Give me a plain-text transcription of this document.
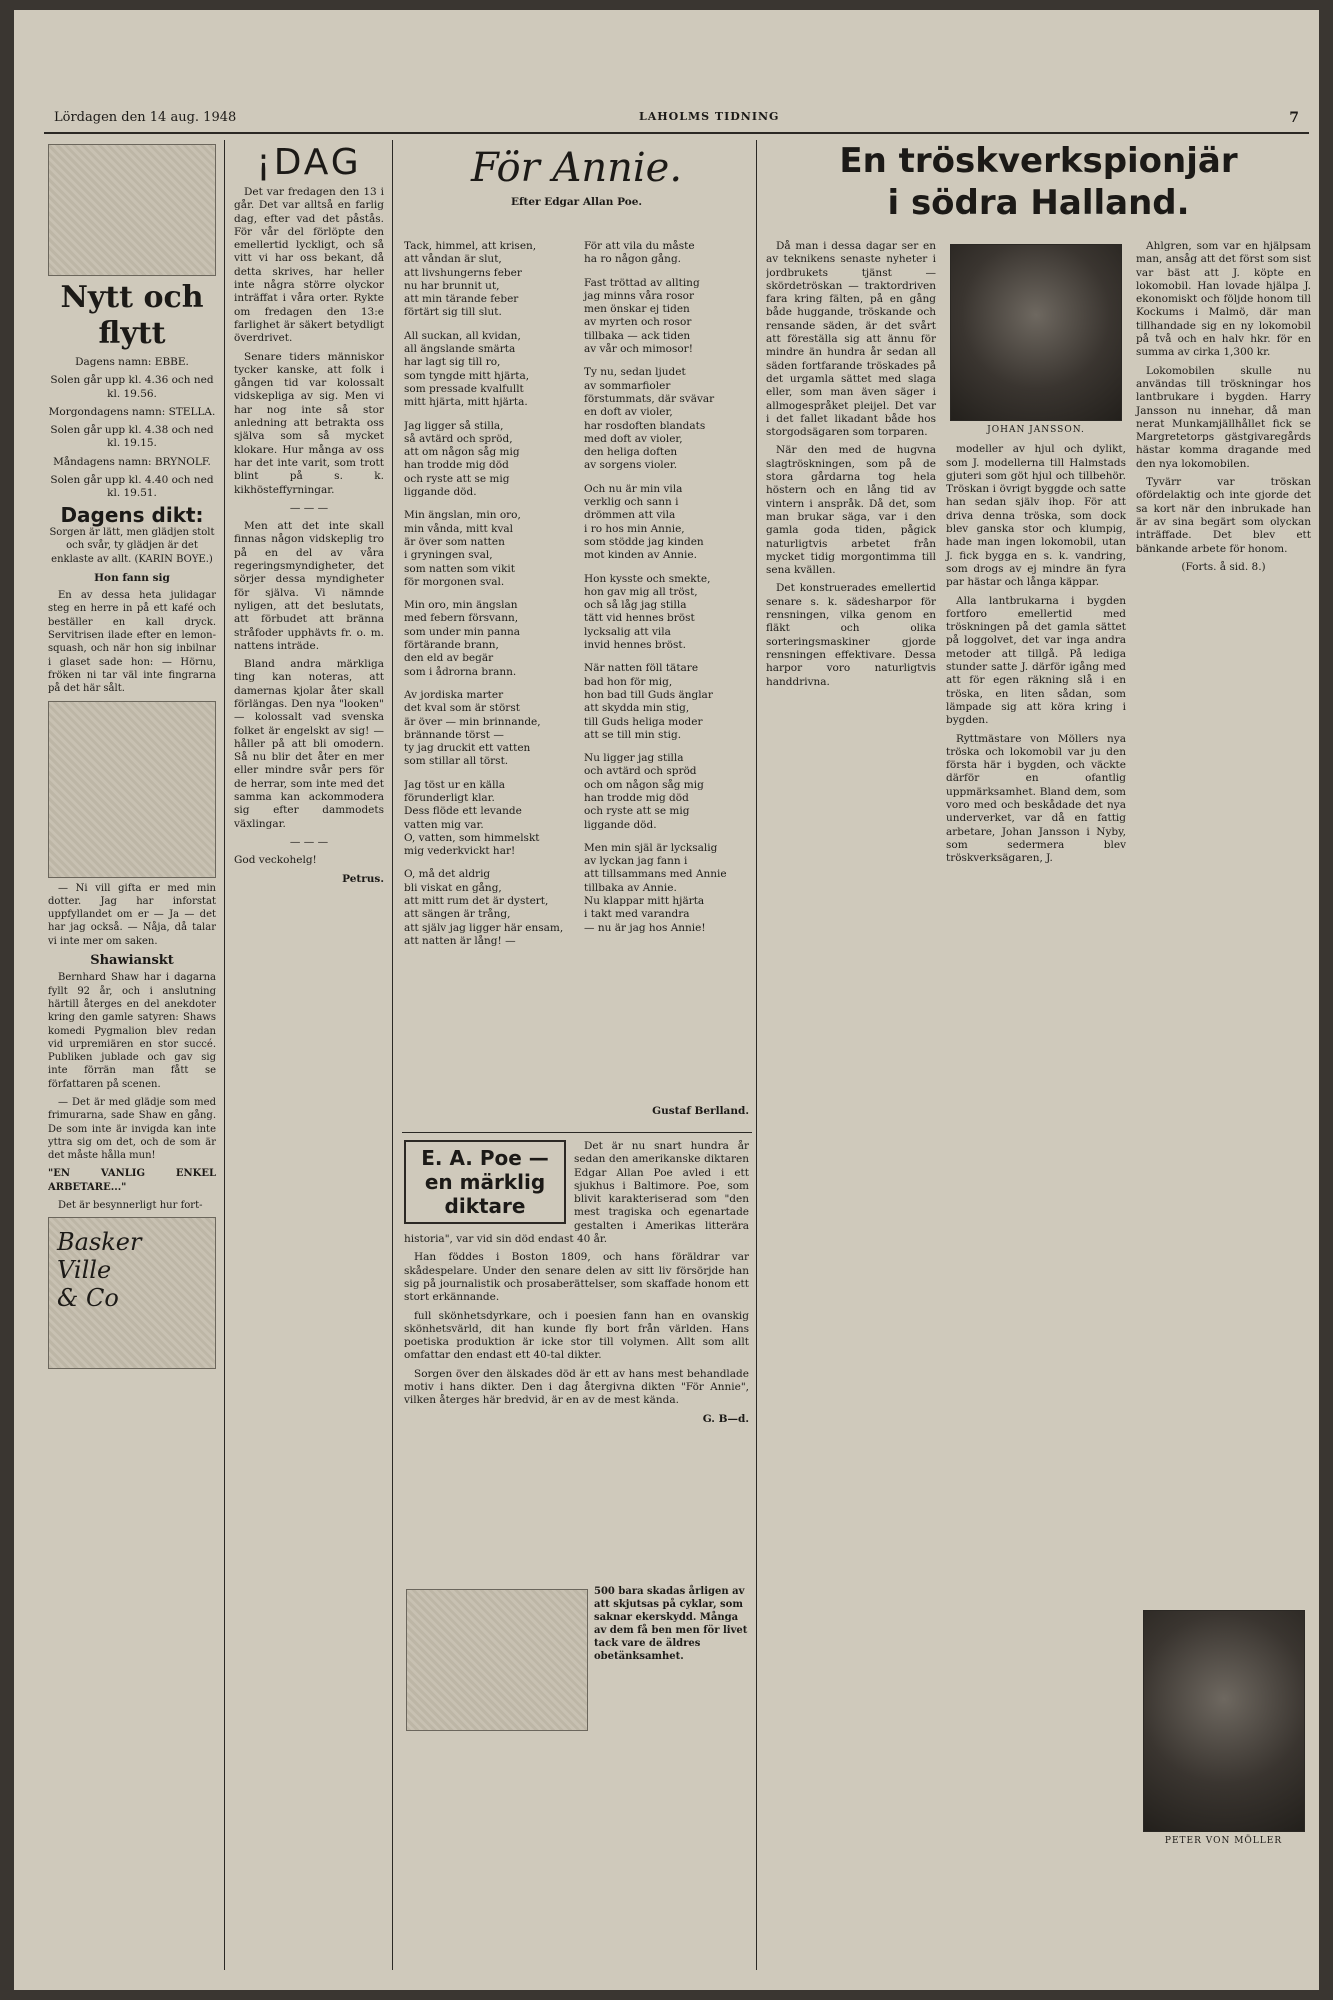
Lördagen den 14 aug. 1948	LAHOLMS TIDNING	7
Nytt och flytt

Dagens namn: EBBE.

Solen går upp kl. 4.36 och ned kl. 19.56.

Morgondagens namn: STELLA.

Solen går upp kl. 4.38 och ned kl. 19.15.

Måndagens namn: BRYNOLF.

Solen går upp kl. 4.40 och ned kl. 19.51.

Dagens dikt:

Sorgen är lätt, men glädjen stolt och svår, ty glädjen är det enklaste av allt. (KARIN BOYE.)

Hon fann sig

En av dessa heta julidagar steg en herre in på ett kafé och beställer en kall dryck. Servitrisen ilade efter en lemon-squash, och när hon sig inbilnar i glaset sade hon: — Hörnu, fröken ni tar väl inte fingrarna på det här sålt.

— Ni vill gifta er med min dotter. Jag har inforstat uppfyllandet om er — Ja — det har jag också. — Nåja, då talar vi inte mer om saken.

Shawianskt

Bernhard Shaw har i dagarna fyllt 92 år, och i anslutning härtill återges en del anekdoter kring den gamle satyren: Shaws komedi Pygmalion blev redan vid urpremiären en stor succé. Publiken jublade och gav sig inte förrän man fått se författaren på scenen.

— Det är med glädje som med frimurarna, sade Shaw en gång. De som inte är invigda kan inte yttra sig om det, och de som är det måste hålla mun!

"EN VANLIG ENKEL ARBETARE..."

Det är besynnerligt hur fort-

Basker Ville & Co
¡DAG

Det var fredagen den 13 i går. Det var alltså en farlig dag, efter vad det påstås. För vår del förlöpte den emellertid lyckligt, och så vitt vi har oss bekant, då detta skrives, har heller inte några större olyckor inträffat i våra orter. Rykte om fredagen den 13:e farlighet är säkert betydligt överdrivet.

Senare tiders människor tycker kanske, att folk i gången tid var kolossalt vidskepliga av sig. Men vi har nog inte så stor anledning att betrakta oss själva som så mycket klokare. Hur många av oss har det inte varit, som trott blint på s. k. kikhösteffyrningar.

— — —

Men att det inte skall finnas någon vidskeplig tro på en del av våra regeringsmyndigheter, det sörjer dessa myndigheter för själva. Vi nämnde nyligen, att det beslutats, att förbudet att bränna stråfoder upphävts fr. o. m. nattens inträde.

Bland andra märkliga ting kan noteras, att damernas kjolar åter skall förlängas. Den nya "looken" — kolossalt vad svenska folket är engelskt av sig! — håller på att bli omodern. Så nu blir det åter en mer eller mindre svår pers för de herrar, som inte med det samma kan ackommodera sig efter dammodets växlingar.

— — —

God veckohelg!

Petrus.

För Annie.

Efter Edgar Allan Poe.

Tack, himmel, att krisen,
att våndan är slut,
att livshungerns feber
nu har brunnit ut,
att min tärande feber
förtärt sig till slut.
All suckan, all kvidan,
all ängslande smärta
har lagt sig till ro,
som tyngde mitt hjärta,
som pressade kvalfullt
mitt hjärta, mitt hjärta.
Jag ligger så stilla,
så avtärd och spröd,
att om någon såg mig
han trodde mig död
och ryste att se mig
liggande död.
Min ängslan, min oro,
min vånda, mitt kval
är över som natten
i gryningen sval,
som natten som vikit
för morgonen sval.
Min oro, min ängslan
med febern försvann,
som under min panna
förtärande brann,
den eld av begär
som i ådrorna brann.
Av jordiska marter
det kval som är störst
är över — min brinnande,
brännande törst —
ty jag druckit ett vatten
som stillar all törst.
Jag töst ur en källa
förunderligt klar.
Dess flöde ett levande
vatten mig var.
O, vatten, som himmelskt
mig vederkvickt har!
O, må det aldrig
bli viskat en gång,
att mitt rum det är dystert,
att sängen är trång,
att själv jag ligger här ensam,
att natten är lång! —
För att vila du måste
ha ro någon gång.
Fast tröttad av allting
jag minns våra rosor
men önskar ej tiden
av myrten och rosor
tillbaka — ack tiden
av vår och mimosor!
Ty nu, sedan ljudet
av sommarfioler
förstummats, där svävar
en doft av violer,
har rosdoften blandats
med doft av violer,
den heliga doften
av sorgens violer.
Och nu är min vila
verklig och sann i
drömmen att vila
i ro hos min Annie,
som stödde jag kinden
mot kinden av Annie.
Hon kysste och smekte,
hon gav mig all tröst,
och så låg jag stilla
tätt vid hennes bröst
lycksalig att vila
invid hennes bröst.
När natten föll tätare
bad hon för mig,
hon bad till Guds änglar
att skydda min stig,
till Guds heliga moder
att se till min stig.
Nu ligger jag stilla
och avtärd och spröd
och om någon såg mig
han trodde mig död
och ryste att se mig
liggande död.
Men min själ är lycksalig
av lyckan jag fann i
att tillsammans med Annie
tillbaka av Annie.
Nu klappar mitt hjärta
i takt med varandra
— nu är jag hos Annie!

Gustaf Berlland.

E. A. Poe — en märklig diktare

Det är nu snart hundra år sedan den amerikanske diktaren Edgar Allan Poe avled i ett sjukhus i Baltimore. Poe, som blivit karakteriserad som "den mest tragiska och egenartade gestalten i Amerikas litterära historia", var vid sin död endast 40 år.

Han föddes i Boston 1809, och hans föräldrar var skådespelare. Under den senare delen av sitt liv försörjde han sig på journalistik och prosaberättelser, som skaffade honom ett stort erkännande.

full skönhetsdyrkare, och i poesien fann han en ovanskig skönhetsvärld, dit han kunde fly bort från världen. Hans poetiska produktion är icke stor till volymen. Allt som allt omfattar den endast ett 40-tal dikter.

Sorgen över den älskades död är ett av hans mest behandlade motiv i hans dikter. Den i dag återgivna dikten "För Annie", vilken återges här bredvid, är en av de mest kända.

G. B—d.

500 bara skadas årligen av att skjutsas på cyklar, som saknar ekerskydd. Många av dem få ben men för livet tack vare de äldres obetänksamhet.

En tröskverkspionjär
i södra Halland.

Då man i dessa dagar ser en av teknikens senaste nyheter i jordbrukets tjänst — skördetröskan — traktordriven fara kring fälten, på en gång både huggande, tröskande och rensande säden, är det svårt att föreställa sig att ännu för mindre än hundra år sedan all säden fortfarande tröskades på det urgamla sättet med slaga eller, som man även säger i allmogespråket pleijel. Det var i det fallet likadant både hos storgodsägaren som torparen.

När den med de hugvna slagtröskningen, som på de stora gårdarna tog hela höstern och en lång tid av vintern i anspråk. Då det, som man brukar säga, var i den gamla goda tiden, pågick naturligtvis arbetet från mycket tidig morgontimma till sena kvällen.

Det konstruerades emellertid senare s. k. sädesharpor för rensningen, vilka genom en fläkt och olika sorteringsmaskiner gjorde rensningen effektivare. Dessa harpor voro naturligtvis handdrivna.

JOHAN JANSSON.

modeller av hjul och dylikt, som J. modellerna till Halmstads gjuteri som göt hjul och tillbehör. Tröskan i övrigt byggde och satte han sedan själv ihop. För att driva denna tröska, som dock blev ganska stor och klumpig, hade man ingen lokomobil, utan J. fick bygga en s. k. vandring, som drogs av ej mindre än fyra par hästar och långa käppar.

Alla lantbrukarna i bygden fortforo emellertid med tröskningen på det gamla sättet på loggolvet, det var inga andra metoder att tillgå. På lediga stunder satte J. därför igång med att för egen räkning slå i en tröska, en liten sådan, som lämpade sig att köra kring i bygden.

Ryttmästare von Möllers nya tröska och lokomobil var ju den första här i bygden, och väckte därför en ofantlig uppmärksamhet. Bland dem, som voro med och beskådade det nya underverket, var då en fattig arbetare, Johan Jansson i Nyby, som sedermera blev tröskverksägaren, J.

Ahlgren, som var en hjälpsam man, ansåg att det först som sist var bäst att J. köpte en lokomobil. Han lovade hjälpa J. ekonomiskt och följde honom till Kockums i Malmö, där man tillhandade sig en ny lokomobil på två och en halv hkr. för en summa av cirka 1,300 kr.

Lokomobilen skulle nu användas till tröskningar hos lantbrukare i bygden. Harry Jansson nu innehar, då man nerat Munkamjällhållet fick se Margretetorps gästgivaregårds hästar komma dragande med den nya lokomobilen.

Tyvärr var tröskan ofördelaktig och inte gjorde det sa kort när den inbrukade han är av sina begärt som olyckan inträffade. Det blev ett bänkande arbete för honom.

(Forts. å sid. 8.)

PETER VON MÖLLER
